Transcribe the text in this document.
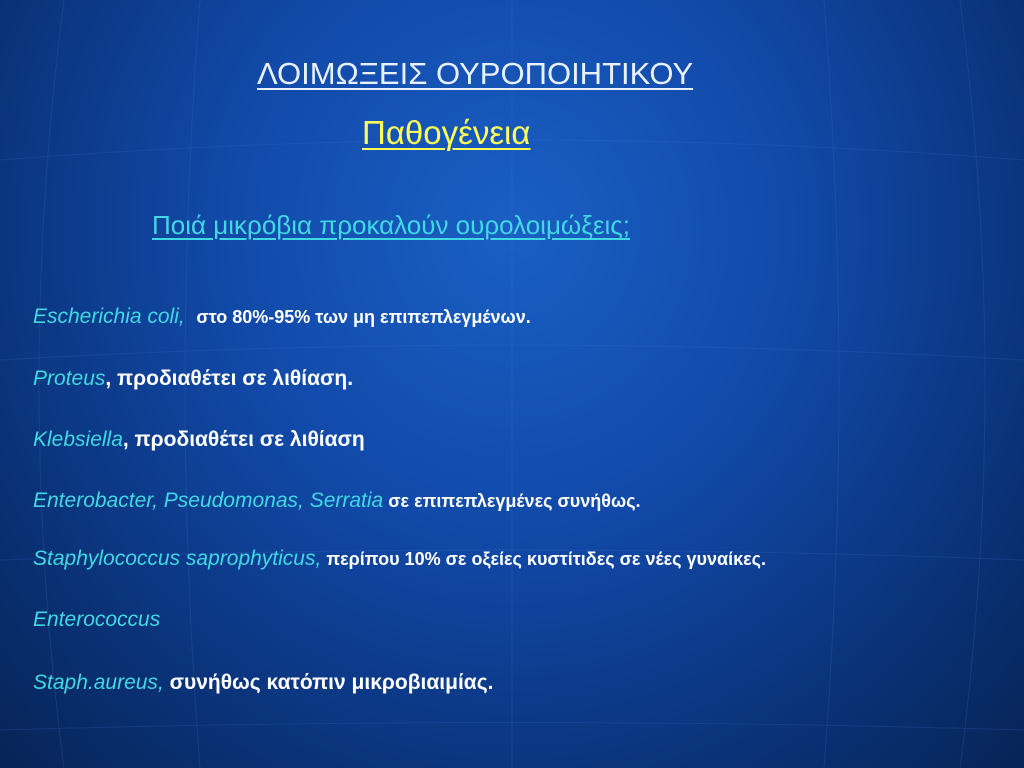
ΛΟΙΜΩΞΕΙΣ ΟΥΡΟΠΟΙΗΤΙΚΟΥ
Παθογένεια
Ποιά μικρόβια προκαλούν ουρολοιμώξεις;
Escherichia coli, στο 80%-95% των μη επιπεπλεγμένων.
Proteus, προδιαθέτει σε λιθίαση.
Klebsiella, προδιαθέτει σε λιθίαση
Enterobacter, Pseudomonas, Serratia σε επιπεπλεγμένες συνήθως.
Staphylococcus saprophyticus, περίπου 10% σε οξείες κυστίτιδες σε νέες γυναίκες.
Enterococcus
Staph.aureus, συνήθως κατόπιν μικροβιαιμίας.
